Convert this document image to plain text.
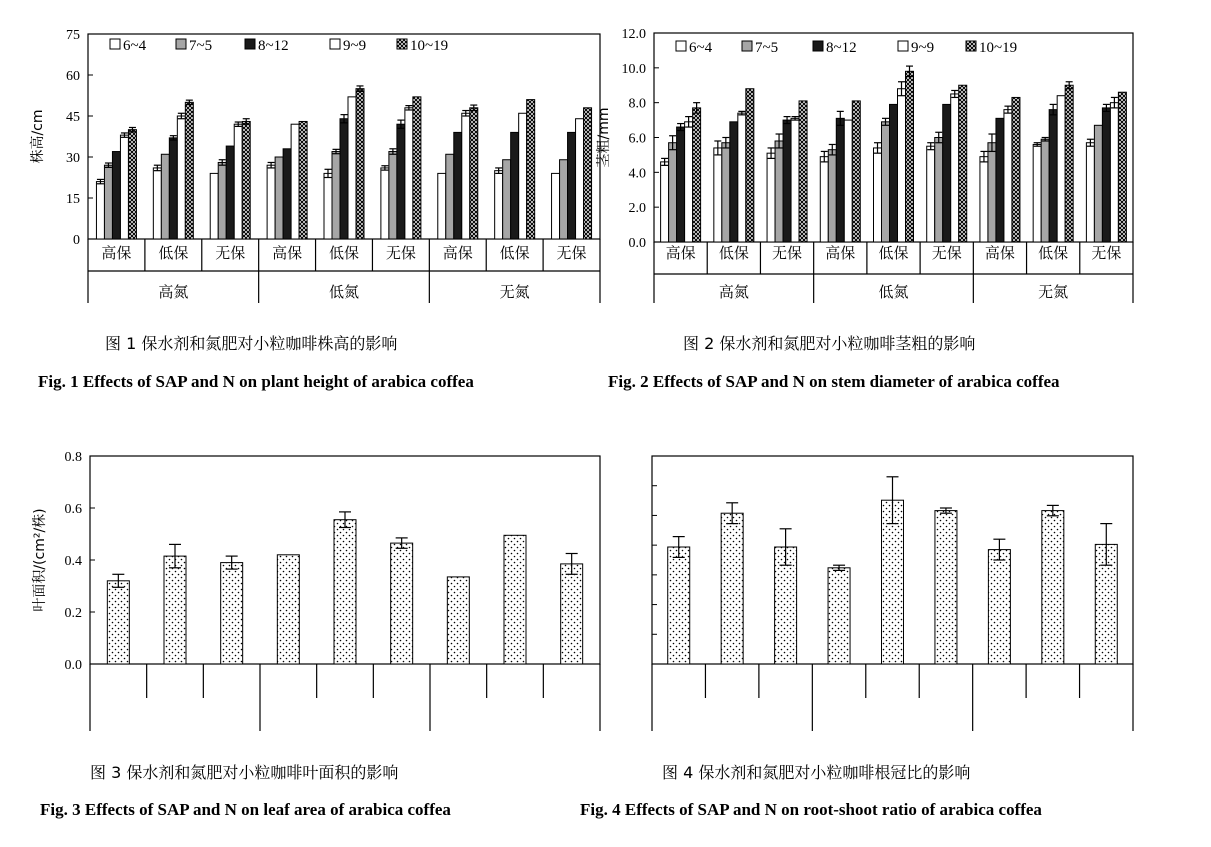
0
15
30
45
60
75
株高/cm
高保 低保 无保 高保 低保 无保 高保 低保 无保
高氮	低氮	无氮
6~4	7~5	8~12	9~9	10~19
0.0
2.0
4.0
6.0
8.0
10.0
12.0
茎粗/mm
高保 低保 无保 高保 低保 无保 高保 低保 无保
高氮	低氮	无氮
6~4	7~5	8~12	9~9	10~19
0.0
0.2
0.4
0.6
0.8
叶面积/(cm²/株)
图 1 保水剂和氮肥对小粒咖啡株高的影响
Fig. 1 Effects of SAP and N on plant height of arabica coffea
图 2 保水剂和氮肥对小粒咖啡茎粗的影响
Fig. 2 Effects of SAP and N on stem diameter of arabica coffea
图 3 保水剂和氮肥对小粒咖啡叶面积的影响
Fig. 3 Effects of SAP and N on leaf area of arabica coffea
图 4 保水剂和氮肥对小粒咖啡根冠比的影响
Fig. 4 Effects of SAP and N on root-shoot ratio of arabica coffea
